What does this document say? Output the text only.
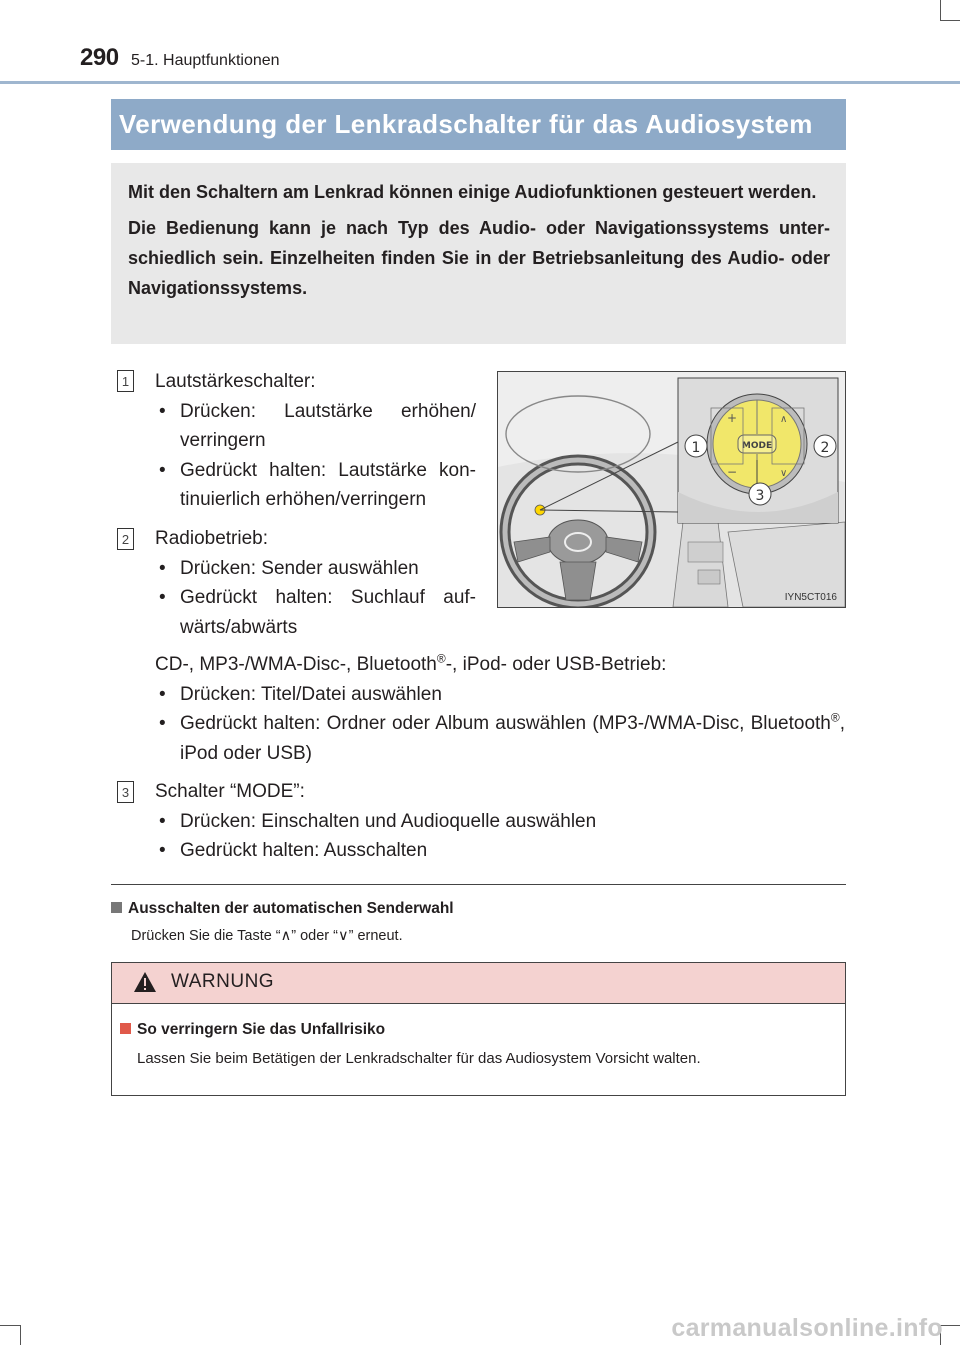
290 5-1. Hauptfunktionen
Verwendung der Lenkradschalter für das Audiosystem

Mit den Schaltern am Lenkrad können einige Audiofunktionen gesteuert werden.

Die Bedienung kann je nach Typ des Audio- oder Navigationssystems unter-schiedlich sein. Einzelheiten finden Sie in der Betriebsanleitung des Audio- oder Navigationssystems.

1 Lautstärkeschalter:
• Drücken: Lautstärke erhöhen/ verringern
• Gedrückt halten: Lautstärke kon-tinuierlich erhöhen/verringern
2 Radiobetrieb:
• Drücken: Sender auswählen
• Gedrückt halten: Suchlauf auf-wärts/abwärts
CD-, MP3-/WMA-Disc-, Bluetooth®-, iPod- oder USB-Betrieb:
• Drücken: Titel/Datei auswählen
• Gedrückt halten: Ordner oder Album auswählen (MP3-/WMA-Disc, Bluetooth®, iPod oder USB)
3 Schalter “MODE”:
• Drücken: Einschalten und Audioquelle auswählen
• Gedrückt halten: Ausschalten
MODE
+
−
∧
∨
1	2
3
IYN5CT016
Ausschalten der automatischen Senderwahl
Drücken Sie die Taste “∧” oder “∨” erneut.
WARNUNG
So verringern Sie das Unfallrisiko
Lassen Sie beim Betätigen der Lenkradschalter für das Audiosystem Vorsicht walten.
carmanualsonline.info
